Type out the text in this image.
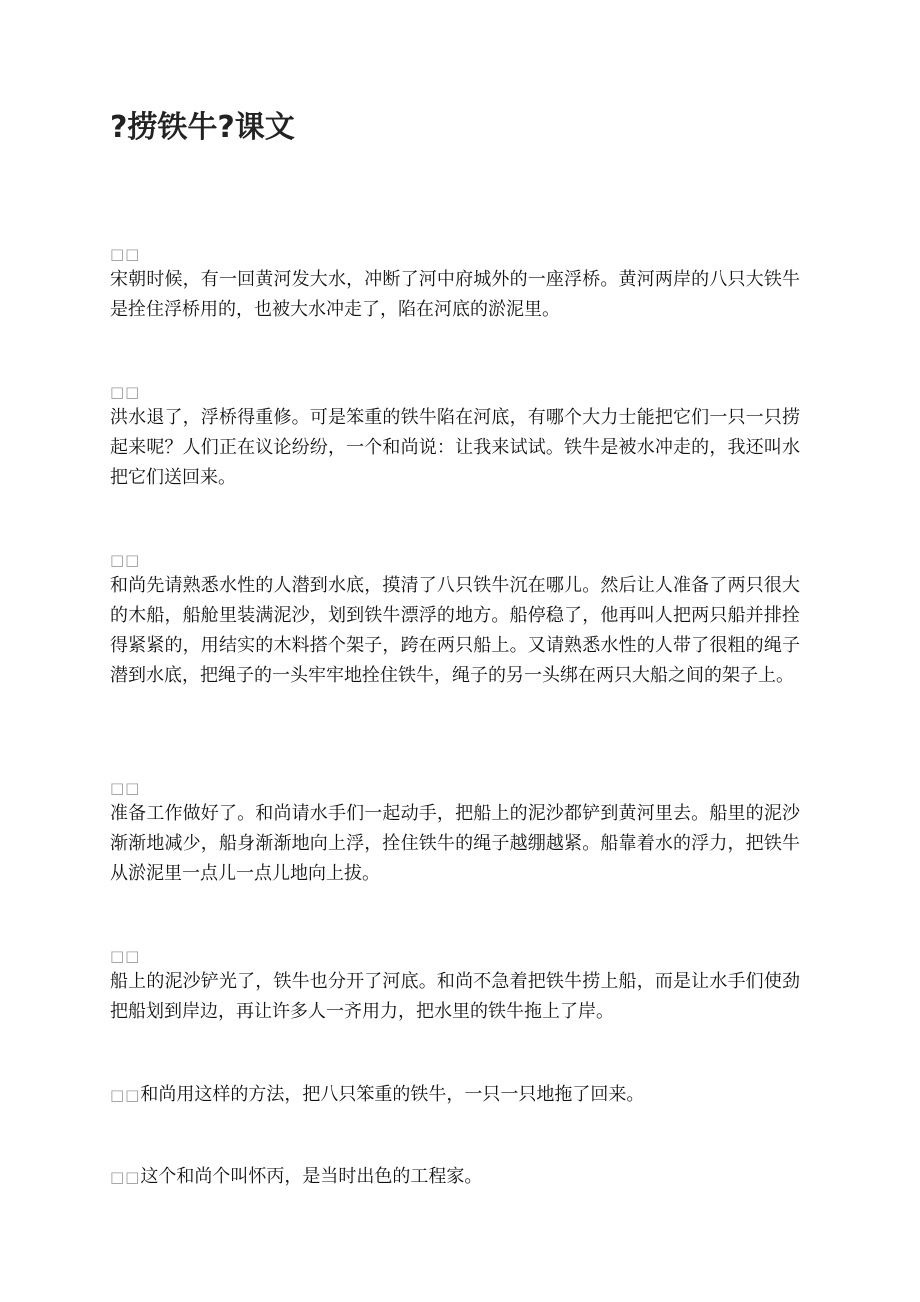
?捞铁牛?课文
□□
宋朝时候，有一回黄河发大水，冲断了河中府城外的一座浮桥。黄河两岸的八只大铁牛是拴住浮桥用的，也被大水冲走了，陷在河底的淤泥里。
□□
洪水退了，浮桥得重修。可是笨重的铁牛陷在河底，有哪个大力士能把它们一只一只捞起来呢？人们正在议论纷纷，一个和尚说：让我来试试。铁牛是被水冲走的，我还叫水把它们送回来。
□□
和尚先请熟悉水性的人潜到水底，摸清了八只铁牛沉在哪儿。然后让人准备了两只很大的木船，船舱里装满泥沙，划到铁牛漂浮的地方。船停稳了，他再叫人把两只船并排拴得紧紧的，用结实的木料搭个架子，跨在两只船上。又请熟悉水性的人带了很粗的绳子潜到水底，把绳子的一头牢牢地拴住铁牛，绳子的另一头绑在两只大船之间的架子上。
□□
准备工作做好了。和尚请水手们一起动手，把船上的泥沙都铲到黄河里去。船里的泥沙渐渐地减少，船身渐渐地向上浮，拴住铁牛的绳子越绷越紧。船靠着水的浮力，把铁牛从淤泥里一点儿一点儿地向上拔。
□□
船上的泥沙铲光了，铁牛也分开了河底。和尚不急着把铁牛捞上船，而是让水手们使劲把船划到岸边，再让许多人一齐用力，把水里的铁牛拖上了岸。
□□和尚用这样的方法，把八只笨重的铁牛，一只一只地拖了回来。
□□这个和尚个叫怀丙，是当时出色的工程家。
